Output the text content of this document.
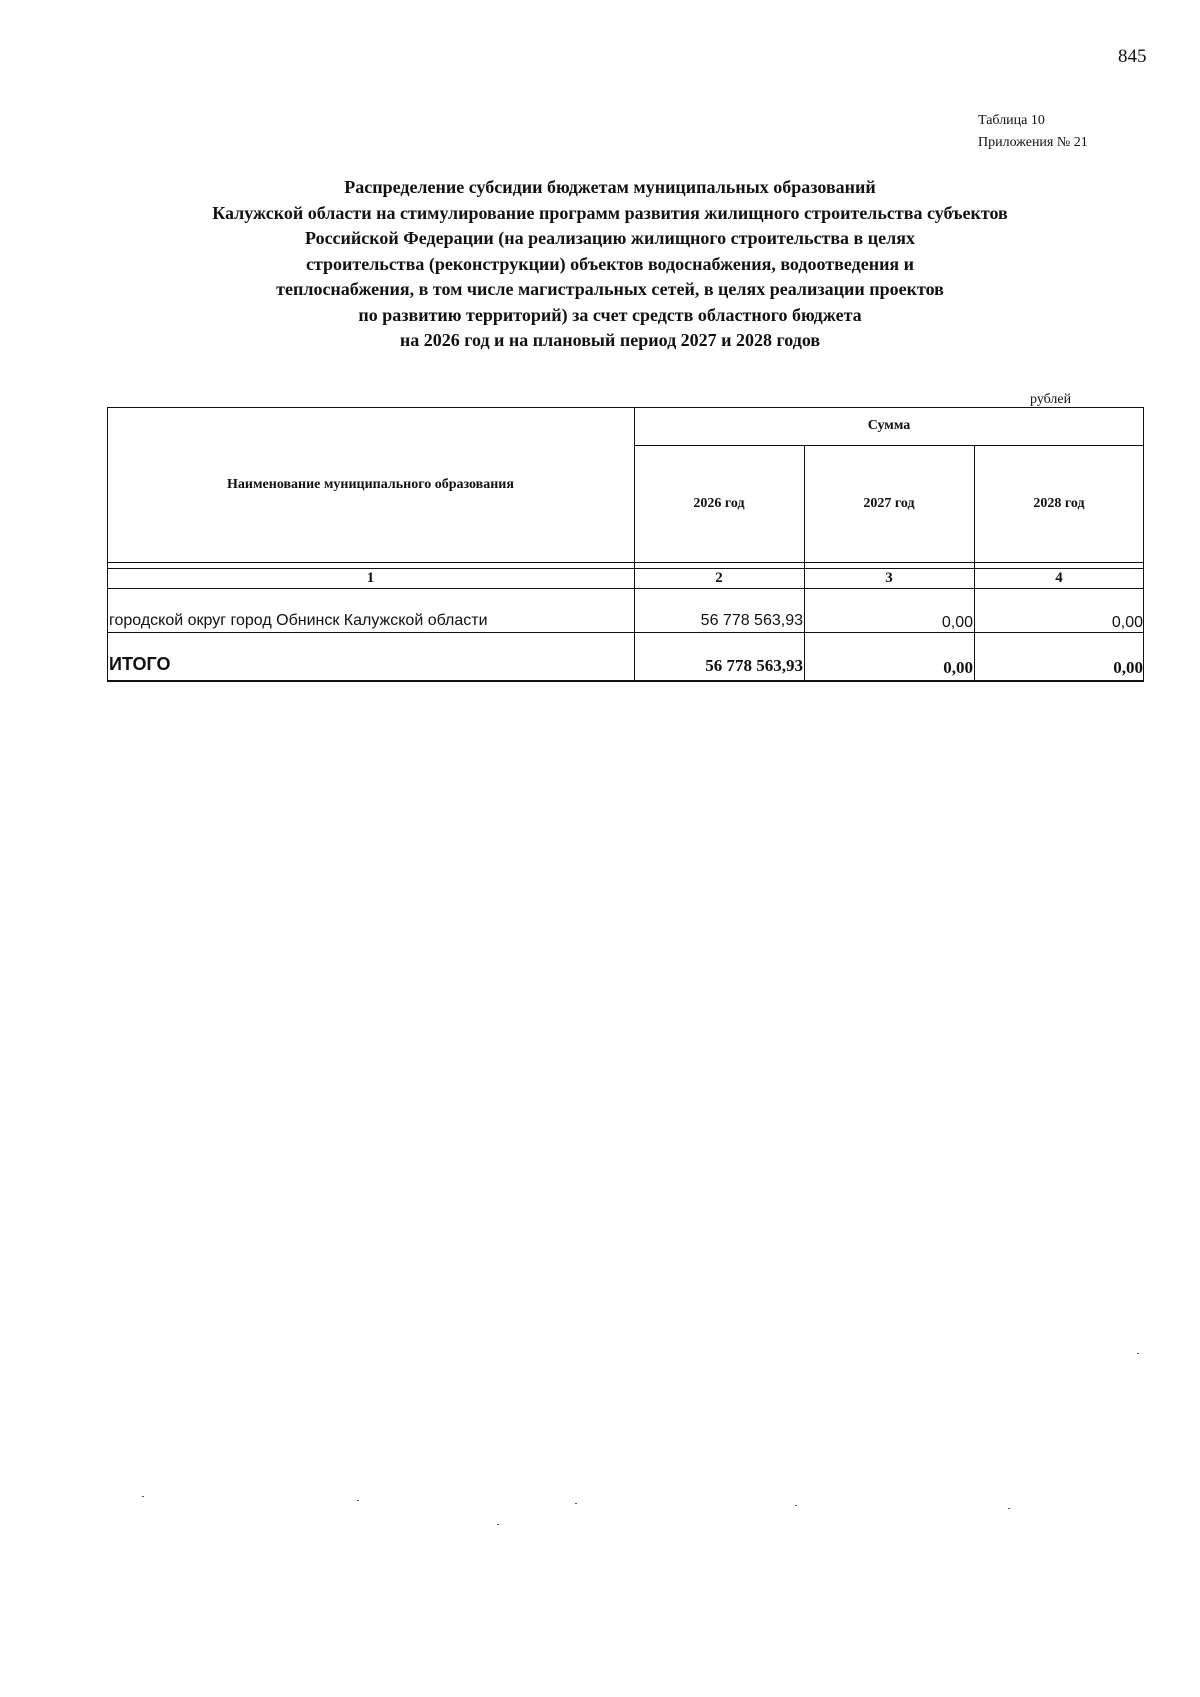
845
Таблица 10
Приложения № 21
Распределение субсидии бюджетам муниципальных образований
Калужской области на стимулирование программ развития жилищного строительства субъектов
Российской Федерации (на реализацию жилищного строительства в целях
строительства (реконструкции) объектов водоснабжения, водоотведения и
теплоснабжения, в том числе магистральных сетей, в целях реализации проектов
по развитию территорий) за счет средств областного бюджета
на 2026 год и на плановый период 2027 и 2028 годов
рублей
Наименование муниципального образования
Сумма
2026 год	2027 год	2028 год
1	2	3	4
городской округ город Обнинск Калужской области	56 778 563,93	0,00	0,00
ИТОГО	56 778 563,93	0,00	0,00
